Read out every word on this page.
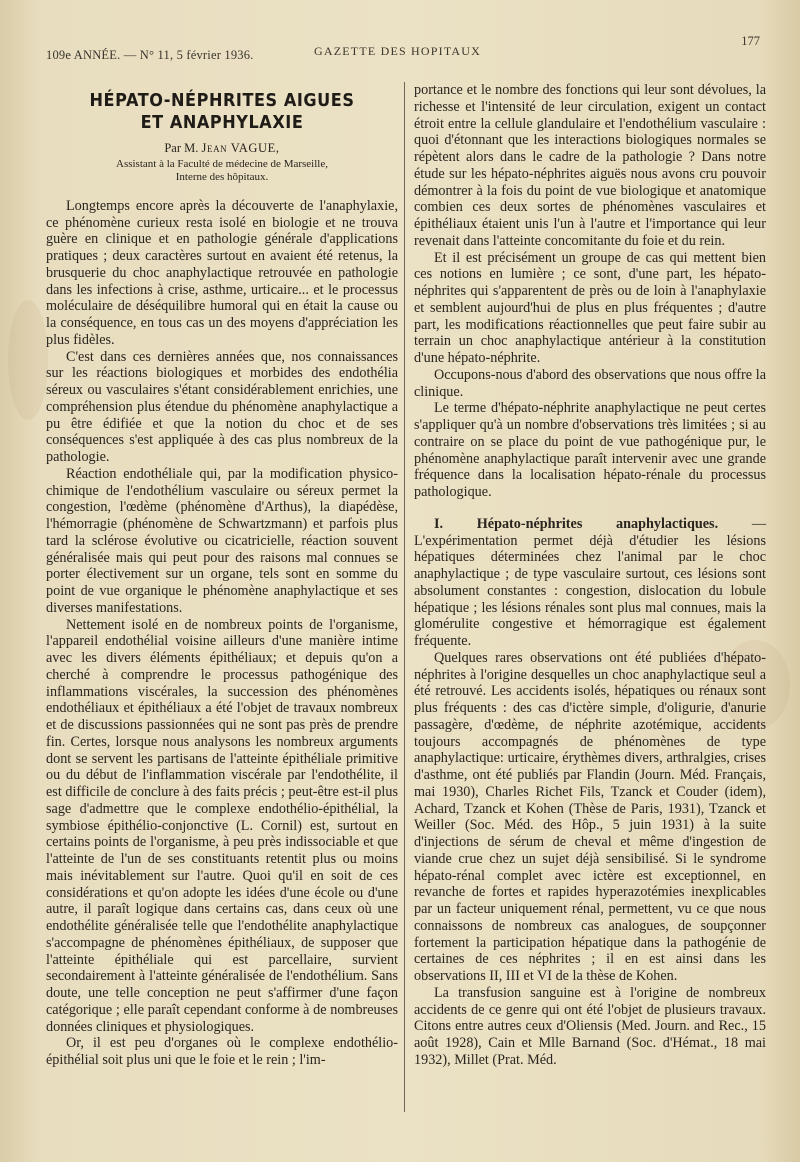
109e ANNÉE. — N° 11, 5 février 1936.	GAZETTE DES HOPITAUX
177
HÉPATO-NÉPHRITES AIGUES
ET ANAPHYLAXIE
Par M. Jean VAGUE,
Assistant à la Faculté de médecine de Marseille,
Interne des hôpitaux.

Longtemps encore après la découverte de l'anaphylaxie, ce phénomène curieux resta isolé en biologie et ne trouva guère en clinique et en pathologie générale d'applications pratiques ; deux caractères surtout en avaient été retenus, la brusquerie du choc anaphylactique retrouvée en pathologie dans les infections à crise, asthme, urticaire... et le processus moléculaire de déséquilibre humoral qui en était la cause ou la conséquence, en tous cas un des moyens d'appréciation les plus fidèles.

C'est dans ces dernières années que, nos connaissances sur les réactions biologiques et morbides des endothélia séreux ou vasculaires s'étant considérablement enrichies, une compréhension plus étendue du phénomène anaphylactique a pu être édifiée et que la notion du choc et de ses conséquences s'est appliquée à des cas plus nombreux de la pathologie.

Réaction endothéliale qui, par la modification physico-chimique de l'endothélium vasculaire ou séreux permet la congestion, l'œdème (phénomène d'Arthus), la diapédèse, l'hémorragie (phénomène de Schwartzmann) et parfois plus tard la sclérose évolutive ou cicatricielle, réaction souvent généralisée mais qui peut pour des raisons mal connues se porter électivement sur un organe, tels sont en somme du point de vue organique le phénomène anaphylactique et ses diverses manifestations.

Nettement isolé en de nombreux points de l'organisme, l'appareil endothélial voisine ailleurs d'une manière intime avec les divers éléments épithéliaux; et depuis qu'on a cherché à comprendre le processus pathogénique des inflammations viscérales, la succession des phénomènes endothéliaux et épithéliaux a été l'objet de travaux nombreux et de discussions passionnées qui ne sont pas près de prendre fin. Certes, lorsque nous analysons les nombreux arguments dont se servent les partisans de l'atteinte épithéliale primitive ou du début de l'inflammation viscérale par l'endothélite, il est difficile de conclure à des faits précis ; peut-être est-il plus sage d'admettre que le complexe endothélio-épithélial, la symbiose épithélio-conjonctive (L. Cornil) est, surtout en certains points de l'organisme, à peu près indissociable et que l'atteinte de l'un de ses constituants retentit plus ou moins mais inévitablement sur l'autre. Quoi qu'il en soit de ces considérations et qu'on adopte les idées d'une école ou d'une autre, il paraît logique dans certains cas, dans ceux où une endothélite généralisée telle que l'endothélite anaphylactique s'accompagne de phénomènes épithéliaux, de supposer que l'atteinte épithéliale qui est parcellaire, survient secondairement à l'atteinte généralisée de l'endothélium. Sans doute, une telle conception ne peut s'affirmer d'une façon catégorique ; elle paraît cependant conforme à de nombreuses données cliniques et physiologiques.

Or, il est peu d'organes où le complexe endothélio-épithélial soit plus uni que le foie et le rein ; l'im-

portance et le nombre des fonctions qui leur sont dévolues, la richesse et l'intensité de leur circulation, exigent un contact étroit entre la cellule glandulaire et l'endothélium vasculaire : quoi d'étonnant que les interactions biologiques normales se répètent alors dans le cadre de la pathologie ? Dans notre étude sur les hépato-néphrites aiguës nous avons cru pouvoir démontrer à la fois du point de vue biologique et anatomique combien ces deux sortes de phénomènes vasculaires et épithéliaux étaient unis l'un à l'autre et l'importance qui leur revenait dans l'atteinte concomitante du foie et du rein.

Et il est précisément un groupe de cas qui mettent bien ces notions en lumière ; ce sont, d'une part, les hépato-néphrites qui s'apparentent de près ou de loin à l'anaphylaxie et semblent aujourd'hui de plus en plus fréquentes ; d'autre part, les modifications réactionnelles que peut faire subir au terrain un choc anaphylactique antérieur à la constitution d'une hépato-néphrite.

Occupons-nous d'abord des observations que nous offre la clinique.

Le terme d'hépato-néphrite anaphylactique ne peut certes s'appliquer qu'à un nombre d'observations très limitées ; si au contraire on se place du point de vue pathogénique pur, le phénomène anaphylactique paraît intervenir avec une grande fréquence dans la localisation hépato-rénale du processus pathologique.

I. Hépato-néphrites anaphylactiques. — L'expérimentation permet déjà d'étudier les lésions hépatiques déterminées chez l'animal par le choc anaphylactique ; de type vasculaire surtout, ces lésions sont absolument constantes : congestion, dislocation du lobule hépatique ; les lésions rénales sont plus mal connues, mais la glomérulite congestive et hémorragique est également fréquente.

Quelques rares observations ont été publiées d'hépato-néphrites à l'origine desquelles un choc anaphylactique seul a été retrouvé. Les accidents isolés, hépatiques ou rénaux sont plus fréquents : des cas d'ictère simple, d'oligurie, d'anurie passagère, d'œdème, de néphrite azotémique, accidents toujours accompagnés de phénomènes de type anaphylactique: urticaire, érythèmes divers, arthralgies, crises d'asthme, ont été publiés par Flandin (Journ. Méd. Français, mai 1930), Charles Richet Fils, Tzanck et Couder (idem), Achard, Tzanck et Kohen (Thèse de Paris, 1931), Tzanck et Weiller (Soc. Méd. des Hôp., 5 juin 1931) à la suite d'injections de sérum de cheval et même d'ingestion de viande crue chez un sujet déjà sensibilisé. Si le syndrome hépato-rénal complet avec ictère est exceptionnel, en revanche de fortes et rapides hyperazotémies inexplicables par un facteur uniquement rénal, permettent, vu ce que nous connaissons de nombreux cas analogues, de soupçonner fortement la participation hépatique dans la pathogénie de certaines de ces néphrites ; il en est ainsi dans les observations II, III et VI de la thèse de Kohen.

La transfusion sanguine est à l'origine de nombreux accidents de ce genre qui ont été l'objet de plusieurs travaux. Citons entre autres ceux d'Oliensis (Med. Journ. and Rec., 15 août 1928), Cain et Mlle Barnand (Soc. d'Hémat., 18 mai 1932), Millet (Prat. Méd.
